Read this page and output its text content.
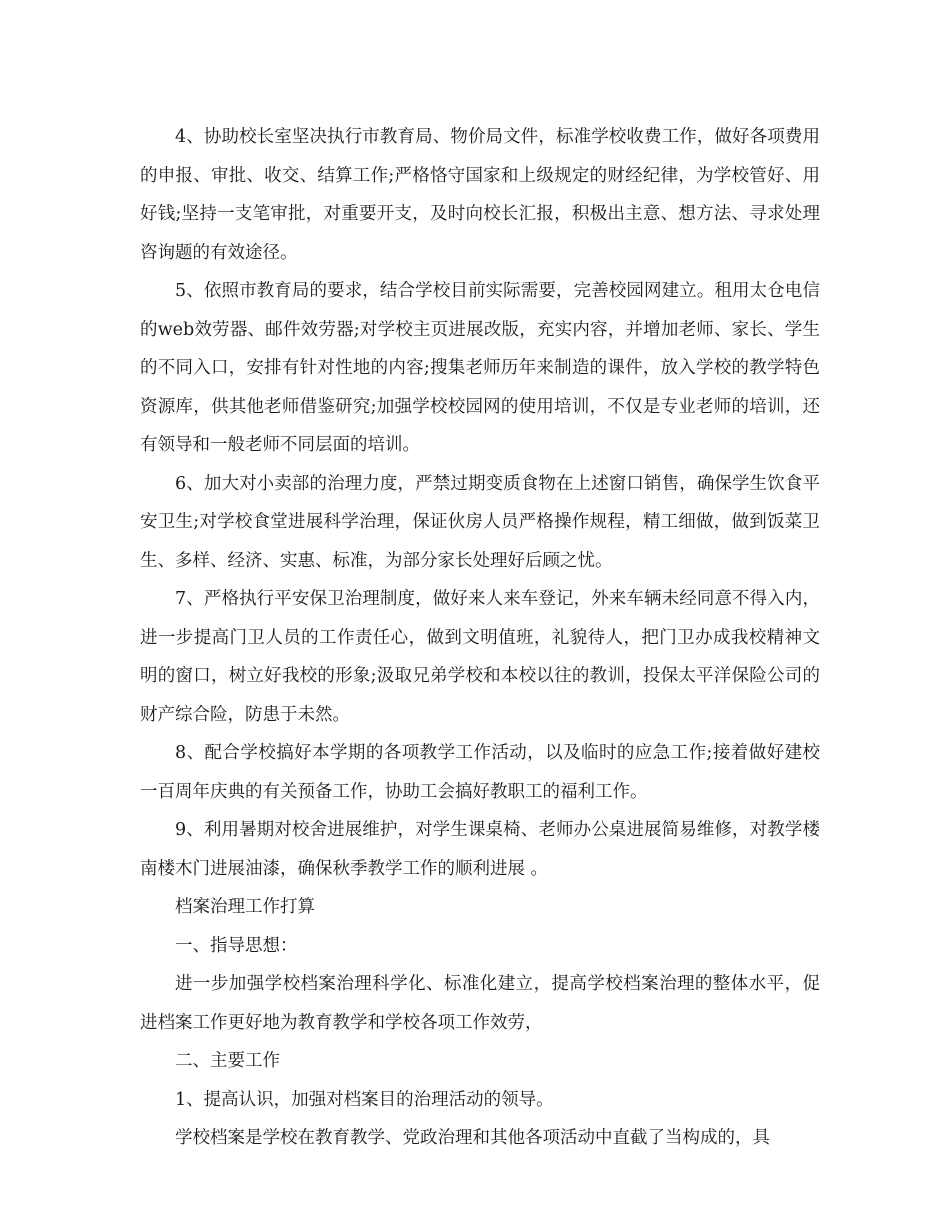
4、协助校长室坚决执行市教育局、物价局文件，标准学校收费工作，做好各项费用的申报、审批、收交、结算工作;严格恪守国家和上级规定的财经纪律，为学校管好、用好钱;坚持一支笔审批，对重要开支，及时向校长汇报，积极出主意、想方法、寻求处理咨询题的有效途径。

5、依照市教育局的要求，结合学校目前实际需要，完善校园网建立。租用太仓电信的web效劳器、邮件效劳器;对学校主页进展改版，充实内容，并增加老师、家长、学生的不同入口，安排有针对性地的内容;搜集老师历年来制造的课件，放入学校的教学特色资源库，供其他老师借鉴研究;加强学校校园网的使用培训，不仅是专业老师的培训，还有领导和一般老师不同层面的培训。

6、加大对小卖部的治理力度，严禁过期变质食物在上述窗口销售，确保学生饮食平安卫生;对学校食堂进展科学治理，保证伙房人员严格操作规程，精工细做，做到饭菜卫生、多样、经济、实惠、标准，为部分家长处理好后顾之忧。

7、严格执行平安保卫治理制度，做好来人来车登记，外来车辆未经同意不得入内，进一步提高门卫人员的工作责任心，做到文明值班，礼貌待人，把门卫办成我校精神文明的窗口，树立好我校的形象;汲取兄弟学校和本校以往的教训，投保太平洋保险公司的财产综合险，防患于未然。

8、配合学校搞好本学期的各项教学工作活动，以及临时的应急工作;接着做好建校一百周年庆典的有关预备工作，协助工会搞好教职工的福利工作。

9、利用暑期对校舍进展维护，对学生课桌椅、老师办公桌进展简易维修，对教学楼南楼木门进展油漆，确保秋季教学工作的顺利进展 。

档案治理工作打算

一、指导思想：

进一步加强学校档案治理科学化、标准化建立，提高学校档案治理的整体水平，促进档案工作更好地为教育教学和学校各项工作效劳，

二、主要工作

1、提高认识，加强对档案目的治理活动的领导。

学校档案是学校在教育教学、党政治理和其他各项活动中直截了当构成的，具
